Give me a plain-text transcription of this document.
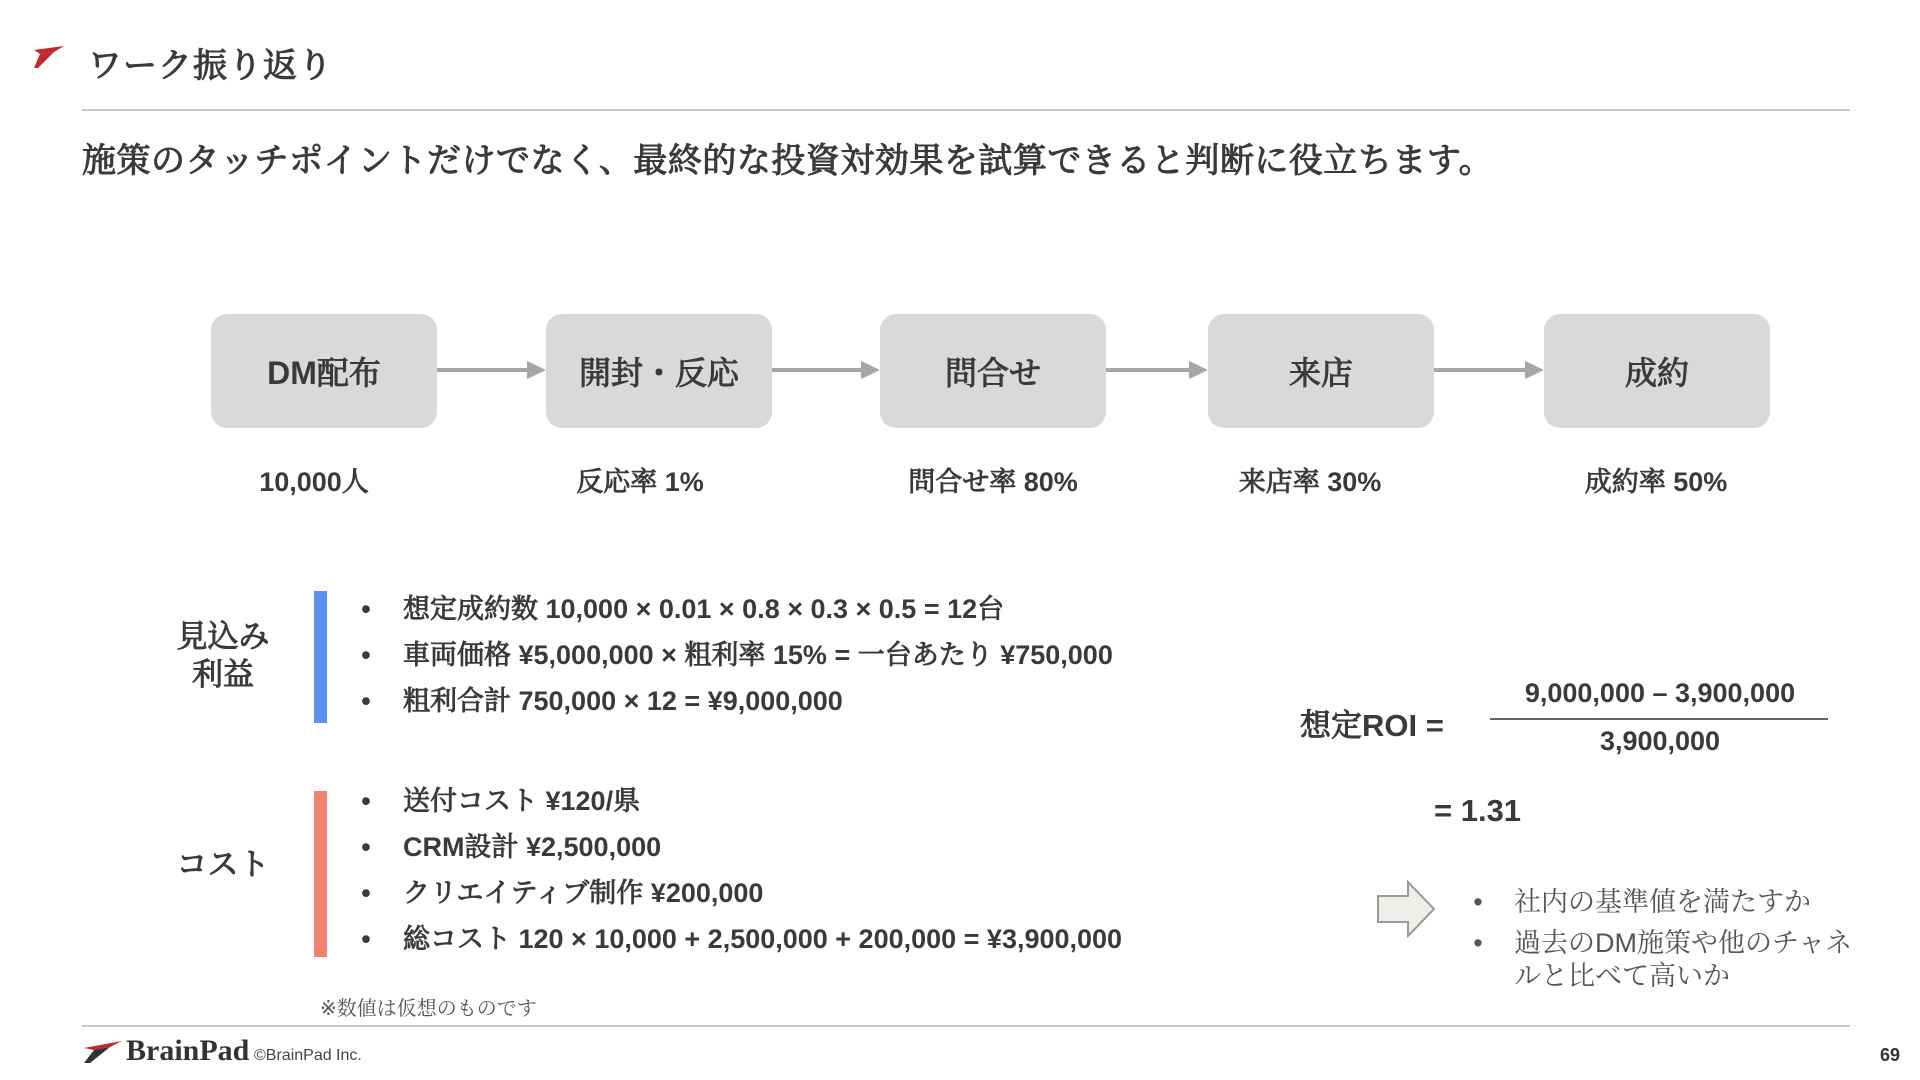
ワーク振り返り
施策のタッチポイントだけでなく、最終的な投資対効果を試算できると判断に役立ちます。
DM配布	開封・反応	問合せ	来店	成約
10,000人	反応率 1%	問合せ率 80%	来店率 30%	成約率 50%
見込み
利益
• 想定成約数 10,000 × 0.01 × 0.8 × 0.3 × 0.5 = 12台
• 車両価格 ¥5,000,000 × 粗利率 15% = 一台あたり ¥750,000
• 粗利合計 750,000 × 12 = ¥9,000,000
コスト
• 送付コスト ¥120/県
• CRM設計 ¥2,500,000
• クリエイティブ制作 ¥200,000
• 総コスト 120 × 10,000 + 2,500,000 + 200,000 = ¥3,900,000
※数値は仮想のものです
想定ROI =
9,000,000 – 3,900,000
3,900,000
= 1.31
• 社内の基準値を満たすか
• 過去のDM施策や他のチャネルと比べて高いか
BrainPad ©BrainPad Inc.	69
